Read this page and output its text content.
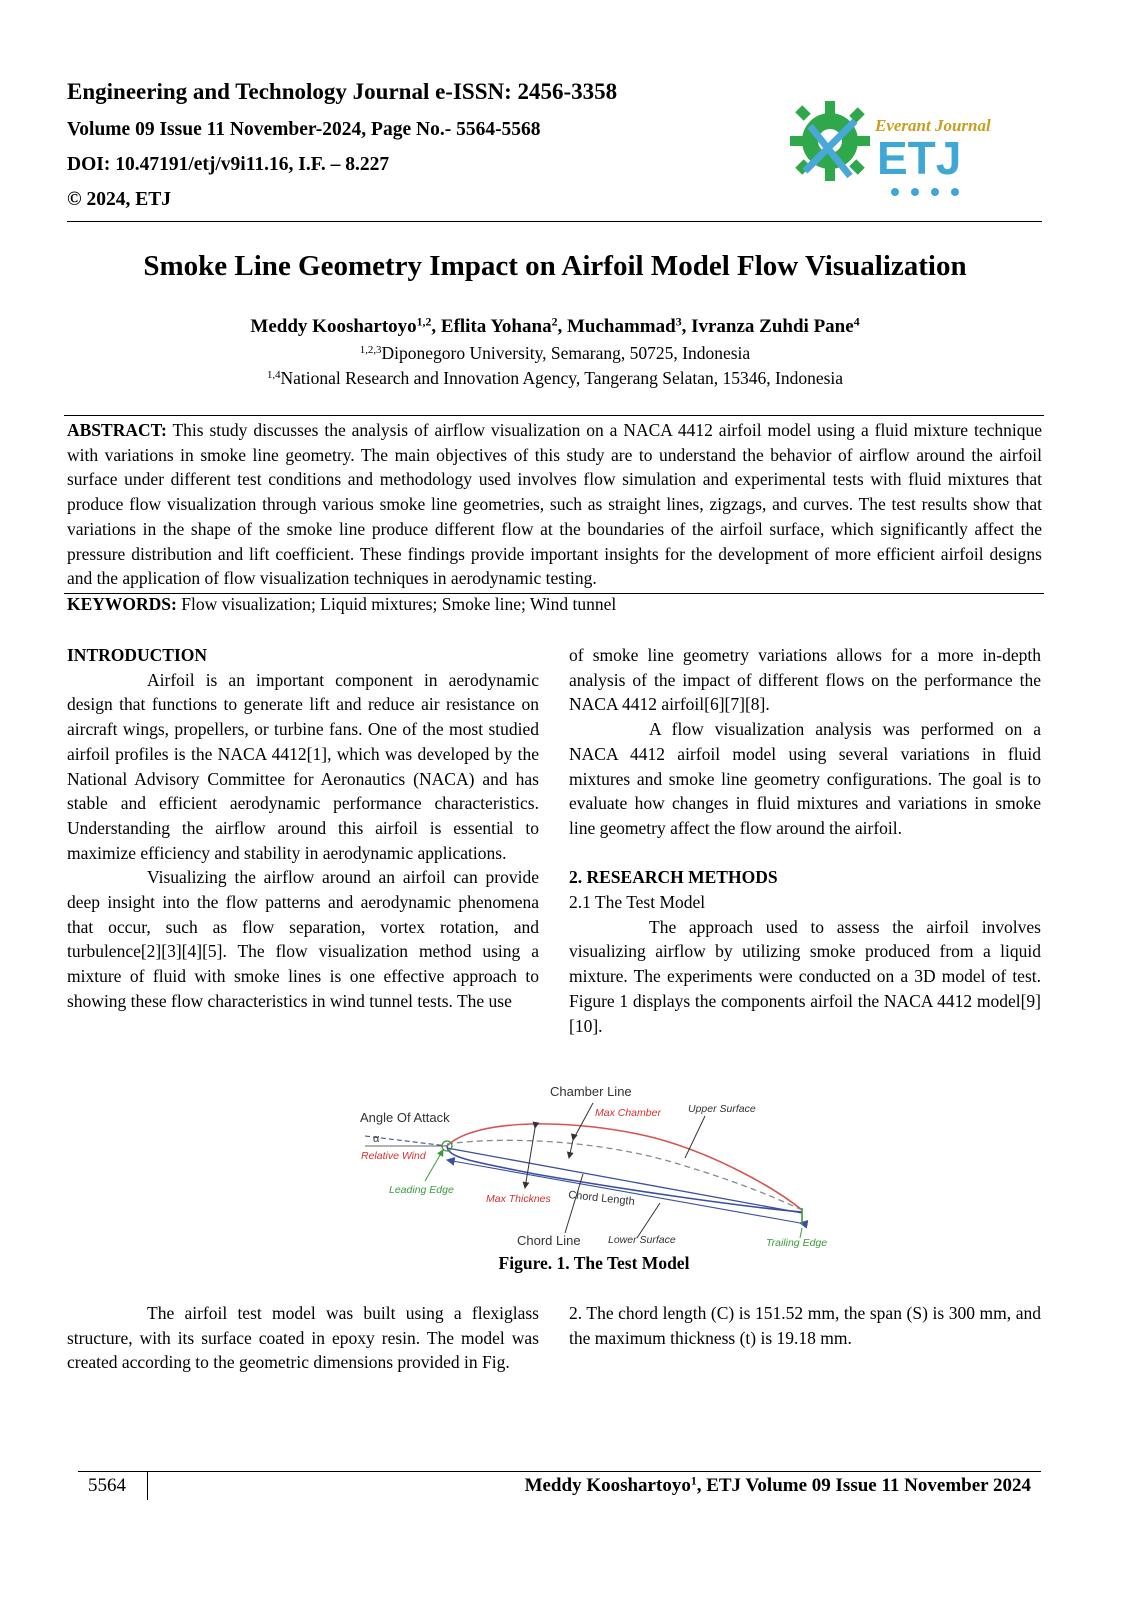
Engineering and Technology Journal e-ISSN: 2456-3358
Volume 09 Issue 11 November-2024, Page No.- 5564-5568
DOI: 10.47191/etj/v9i11.16, I.F. – 8.227
© 2024, ETJ
Everant Journal
ETJ
Smoke Line Geometry Impact on Airfoil Model Flow Visualization
Meddy Kooshartoyo$^{1,2}$, Eflita Yohana$^2$, Muchammad$^3$, Ivranza Zuhdi Pane$^4$
$^{1,2,3}$Diponegoro University, Semarang, 50725, Indonesia
$^{1,4}$National Research and Innovation Agency, Tangerang Selatan, 15346, Indonesia
ABSTRACT: This study discusses the analysis of airflow visualization on a NACA 4412 airfoil model using a fluid mixture technique with variations in smoke line geometry. The main objectives of this study are to understand the behavior of airflow around the airfoil surface under different test conditions and methodology used involves flow simulation and experimental tests with fluid mixtures that produce flow visualization through various smoke line geometries, such as straight lines, zigzags, and curves. The test results show that variations in the shape of the smoke line produce different flow at the boundaries of the airfoil surface, which significantly affect the pressure distribution and lift coefficient. These findings provide important insights for the development of more efficient airfoil designs and the application of flow visualization techniques in aerodynamic testing.
KEYWORDS: Flow visualization; Liquid mixtures; Smoke line; Wind tunnel
INTRODUCTION
Airfoil is an important component in aerodynamic design that functions to generate lift and reduce air resistance on aircraft wings, propellers, or turbine fans. One of the most studied airfoil profiles is the NACA 4412[1], which was developed by the National Advisory Committee for Aeronautics (NACA) and has stable and efficient aerodynamic performance characteristics. Understanding the airflow around this airfoil is essential to maximize efficiency and stability in aerodynamic applications.
Visualizing the airflow around an airfoil can provide deep insight into the flow patterns and aerodynamic phenomena that occur, such as flow separation, vortex rotation, and turbulence[2][3][4][5]. The flow visualization method using a mixture of fluid with smoke lines is one effective approach to showing these flow characteristics in wind tunnel tests. The use
of smoke line geometry variations allows for a more in-depth analysis of the impact of different flows on the performance the NACA 4412 airfoil[6][7][8].
A flow visualization analysis was performed on a NACA 4412 airfoil model using several variations in fluid mixtures and smoke line geometry configurations. The goal is to evaluate how changes in fluid mixtures and variations in smoke line geometry affect the flow around the airfoil.
2. RESEARCH METHODS
2.1 The Test Model
The approach used to assess the airfoil involves visualizing airflow by utilizing smoke produced from a liquid mixture. The experiments were conducted on a 3D model of test. Figure 1 displays the components airfoil the NACA 4412 model[9][10].
Chamber Line
Max Chamber	Upper Surface
Angle Of Attack
α
Relative Wind
Leading Edge
Max Thicknes Chord Length
Chord Line	Lower Surface	Trailing Edge
Figure. 1. The Test Model
The airfoil test model was built using a flexiglass structure, with its surface coated in epoxy resin. The model was created according to the geometric dimensions provided in Fig.
2. The chord length (C) is 151.52 mm, the span (S) is 300 mm, and the maximum thickness (t) is 19.18 mm.
5564	Meddy Kooshartoyo$^1$, ETJ Volume 09 Issue 11 November 2024
